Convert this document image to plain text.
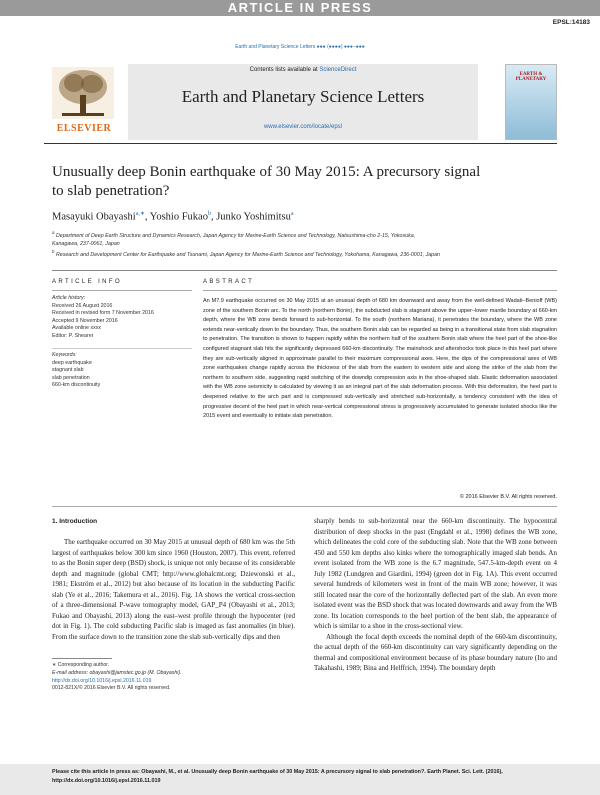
ARTICLE IN PRESS
EPSL:14183
Earth and Planetary Science Letters ●●● (●●●●) ●●●–●●●
ELSEVIER
Contents lists available at ScienceDirect
Earth and Planetary Science Letters
www.elsevier.com/locate/epsl
EARTH & PLANETARY
Unusually deep Bonin earthquake of 30 May 2015: A precursory signal
to slab penetration?
Masayuki Obayashi$^{a,∗}$, Yoshio Fukao$^b$, Junko Yoshimitsu$^a$
$^a$ Department of Deep Earth Structure and Dynamics Research, Japan Agency for Marine-Earth Science and Technology, Natsushima-cho 2-15, Yokosuka,
Kanagawa, 237-0061, Japan
$^b$ Research and Development Center for Earthquake and Tsunami, Japan Agency for Marine-Earth Science and Technology, Yokohama, Kanagawa, 236-0001, Japan
ARTICLE INFO
Article history:
Received 26 August 2016
Received in revised form 7 November 2016
Accepted 9 November 2016
Available online xxxx
Editor: P. Shearer
Keywords:
deep earthquake
stagnant slab
slab penetration
660-km discontinuity
ABSTRACT
An M7.9 earthquake occurred on 30 May 2015 at an unusual depth of 680 km downward and away from the well-defined Wadati–Benioff (WB) zone of the southern Bonin arc. To the north (northern Bonin), the subducted slab is stagnant above the upper–lower mantle boundary at 660-km depth, where the WB zone bends forward to sub-horizontal. To the south (northern Mariana), it penetrates the boundary, where the WB zone extends near-vertically down to the boundary. Thus, the southern Bonin slab can be regarded as being in a transitional state from slab stagnation to penetration. The transition is shown to happen rapidly within the northern half of the southern Bonin slab where the heel part of the shoe-like configured stagnant slab hits the significantly depressed 660-km discontinuity. The mainshock and aftershocks took place in this heel part where they are sub-vertically aligned in approximate parallel to their maximum compressional axes. Here, the dips of the compressional axes of WB zone earthquakes change rapidly across the thickness of the slab from the eastern to western side and along the strike of the slab from the northern to southern side, suggesting rapid switching of the downdip compression axis in the shoe-shaped slab. Elastic deformation associated with the WB zone seismicity is calculated by viewing it as an integral part of the slab deformation process. With this deformation, the heel part is deepened relative to the arch part and is compressed sub-vertically and stretched sub-horizontally, a tendency consistent with the idea of progressive decent of the heel part in which near-vertical compressional stress is progressively accumulated to generate isolated shocks like the 2015 event and eventually to initiate slab penetration.
© 2016 Elsevier B.V. All rights reserved.
1. Introduction

The earthquake occurred on 30 May 2015 at unusual depth of 680 km was the 5th largest of earthquakes below 300 km since 1960 (Houston, 2007). This event, referred to as the Bonin super deep (BSD) shock, is unique not only because of its considerable depth and magnitude (global CMT; http://www.globalcmt.org; Dziewonski et al., 1981; Ekström et al., 2012) but also because of its location in the subducting Pacific slab (Ye et al., 2016; Takemura et al., 2016). Fig. 1A shows the vertical cross-section of a three-dimensional P-wave tomography model, GAP_P4 (Obayashi et al., 2013; Fukao and Obayashi, 2013) along the east–west profile through the hypocenter (red dot in Fig. 1). The cold subducting Pacific slab is imaged as fast anomalies (in blue). From the surface down to the transition zone the slab sub-vertically dips and then

sharply bends to sub-horizontal near the 660-km discontinuity. The hypocentral distribution of deep shocks in the past (Engdahl et al., 1998) defines the WB zone, which delineates the cold core of the subducting slab. Note that the WB zone between 450 and 550 km depths also kinks where the tomographically imaged slab bends. An event isolated from the WB zone is the 6.7 magnitude, 547.5-km-depth event on 4 July 1982 (Lundgren and Giardini, 1994) (green dot in Fig. 1A). This event occurred several hundreds of kilometers west in front of the main WB zone; however, it was still located near the core of the horizontally deflected part of the slab. An even more isolated event was the BSD shock that was located downwards and away from the WB zone. Its location corresponds to the heel portion of the bent slab, the appearance of which is similar to a shoe in the cross-sectional view.

Although the focal depth exceeds the nominal depth of the 660-km discontinuity, the actual depth of the 660-km discontinuity can vary significantly depending on the thermal and compositional environment because of its phase boundary nature (Ito and Takahashi, 1989; Bina and Helffrich, 1994). The boundary depth

∗ Corresponding author.
E-mail address: obayashi@jamstec.go.jp (M. Obayashi).
http://dx.doi.org/10.1016/j.epsl.2016.11.019
0012-821X/© 2016 Elsevier B.V. All rights reserved.
Please cite this article in press as: Obayashi, M., et al. Unusually deep Bonin earthquake of 30 May 2015: A precursory signal to slab penetration?. Earth Planet. Sci. Lett. (2016), http://dx.doi.org/10.1016/j.epsl.2016.11.019
